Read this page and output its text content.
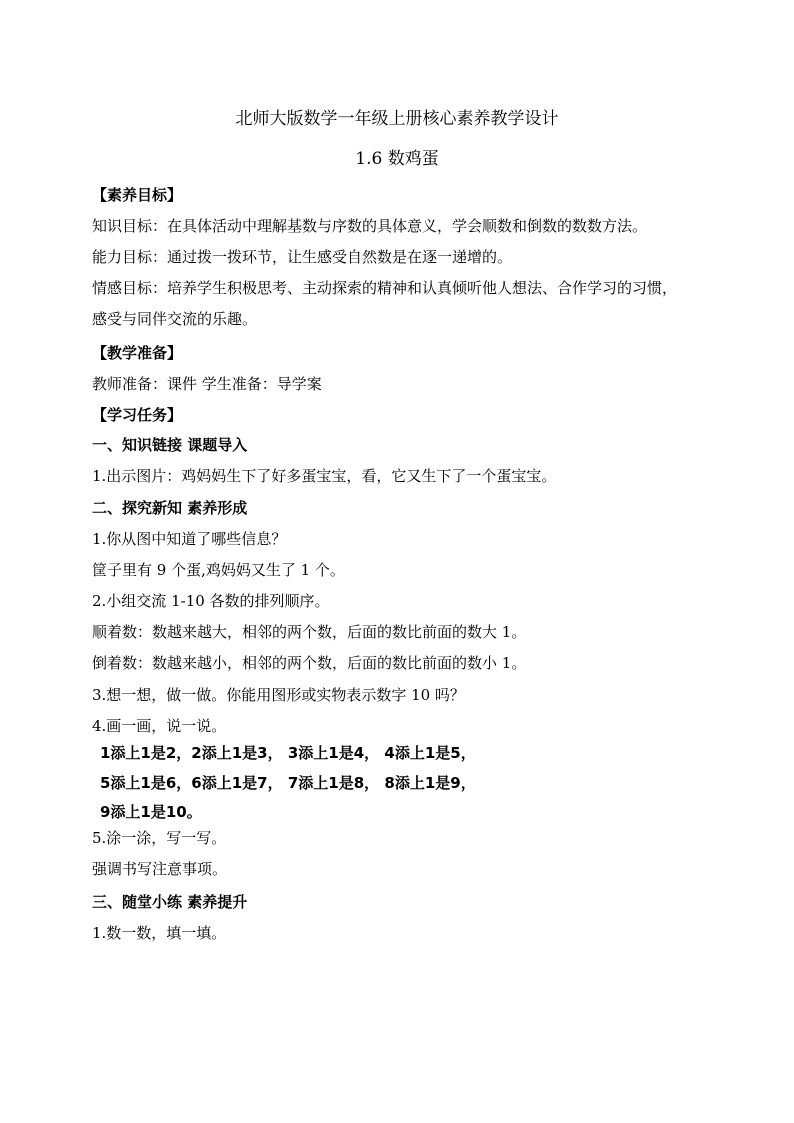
北师大版数学一年级上册核心素养教学设计
1.6 数鸡蛋
【素养目标】
知识目标：在具体活动中理解基数与序数的具体意义，学会顺数和倒数的数数方法。
能力目标：通过拨一拨环节，让生感受自然数是在逐一递增的。
情感目标：培养学生积极思考、主动探索的精神和认真倾听他人想法、合作学习的习惯，
感受与同伴交流的乐趣。
【教学准备】
教师准备：课件 学生准备：导学案
【学习任务】
一、知识链接 课题导入
1.出示图片：鸡妈妈生下了好多蛋宝宝，看，它又生下了一个蛋宝宝。
二、探究新知 素养形成
1.你从图中知道了哪些信息？
筐子里有 9 个蛋,鸡妈妈又生了 1 个。
2.小组交流 1-10 各数的排列顺序。
顺着数：数越来越大，相邻的两个数，后面的数比前面的数大 1。
倒着数：数越来越小，相邻的两个数，后面的数比前面的数小 1。
3.想一想，做一做。你能用图形或实物表示数字 10 吗？
4.画一画，说一说。
1添上1是2，2添上1是3， 3添上1是4， 4添上1是5，
5添上1是6，6添上1是7， 7添上1是8， 8添上1是9，
9添上1是10。
5.涂一涂，写一写。
强调书写注意事项。
三、随堂小练 素养提升
1.数一数，填一填。
